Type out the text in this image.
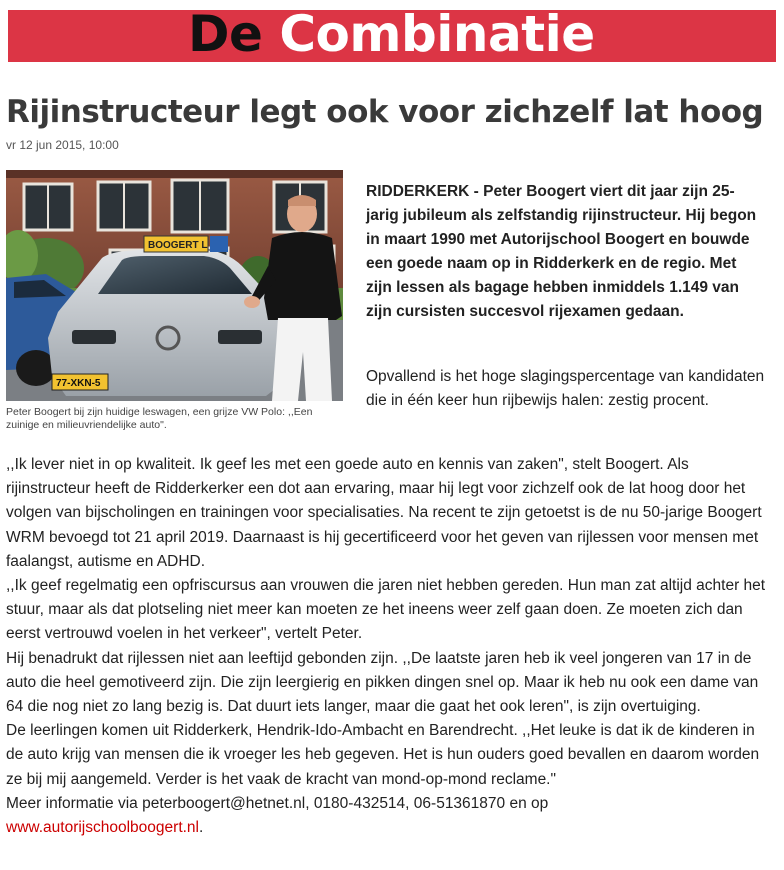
De Combinatie
Rijinstructeur legt ook voor zichzelf lat hoog
vr 12 jun 2015, 10:00
BOOGERT L
77-XKN-5
Peter Boogert bij zijn huidige leswagen, een grijze VW Polo: ,,Een zuinige en milieuvriendelijke auto".

RIDDERKERK - Peter Boogert viert dit jaar zijn 25-jarig jubileum als zelfstandig rijinstructeur. Hij begon in maart 1990 met Autorijschool Boogert en bouwde een goede naam op in Ridderkerk en de regio. Met zijn lessen als bagage hebben inmiddels 1.149 van zijn cursisten succesvol rijexamen gedaan.

Opvallend is het hoge slagingspercentage van kandidaten die in één keer hun rijbewijs halen: zestig procent.

,,Ik lever niet in op kwaliteit. Ik geef les met een goede auto en kennis van zaken", stelt Boogert. Als rijinstructeur heeft de Ridderkerker een dot aan ervaring, maar hij legt voor zichzelf ook de lat hoog door het volgen van bijscholingen en trainingen voor specialisaties. Na recent te zijn getoetst is de nu 50-jarige Boogert WRM bevoegd tot 21 april 2019. Daarnaast is hij gecertificeerd voor het geven van rijlessen voor mensen met faalangst, autisme en ADHD.

,,Ik geef regelmatig een opfriscursus aan vrouwen die jaren niet hebben gereden. Hun man zat altijd achter het stuur, maar als dat plotseling niet meer kan moeten ze het ineens weer zelf gaan doen. Ze moeten zich dan eerst vertrouwd voelen in het verkeer", vertelt Peter.

Hij benadrukt dat rijlessen niet aan leeftijd gebonden zijn. ,,De laatste jaren heb ik veel jongeren van 17 in de auto die heel gemotiveerd zijn. Die zijn leergierig en pikken dingen snel op. Maar ik heb nu ook een dame van 64 die nog niet zo lang bezig is. Dat duurt iets langer, maar die gaat het ook leren", is zijn overtuiging.

De leerlingen komen uit Ridderkerk, Hendrik-Ido-Ambacht en Barendrecht. ,,Het leuke is dat ik de kinderen in de auto krijg van mensen die ik vroeger les heb gegeven. Het is hun ouders goed bevallen en daarom worden ze bij mij aangemeld. Verder is het vaak de kracht van mond-op-mond reclame."

Meer informatie via peterboogert@hetnet.nl, 0180-432514, 06-51361870 en op
www.autorijschoolboogert.nl.
